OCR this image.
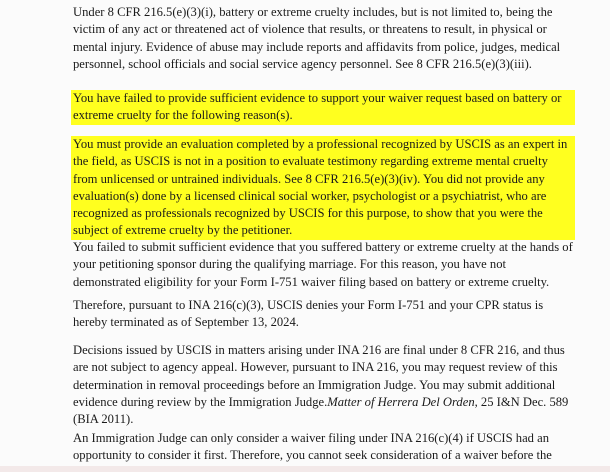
Under 8 CFR 216.5(e)(3)(i), battery or extreme cruelty includes, but is not limited to, being the victim of any act or threatened act of violence that results, or threatens to result, in physical or mental injury. Evidence of abuse may include reports and affidavits from police, judges, medical personnel, school officials and social service agency personnel. See 8 CFR 216.5(e)(3)(iii).

You have failed to provide sufficient evidence to support your waiver request based on battery or extreme cruelty for the following reason(s).

You must provide an evaluation completed by a professional recognized by USCIS as an expert in the field, as USCIS is not in a position to evaluate testimony regarding extreme mental cruelty from unlicensed or untrained individuals. See 8 CFR 216.5(e)(3)(iv). You did not provide any evaluation(s) done by a licensed clinical social worker, psychologist or a psychiatrist, who are recognized as professionals recognized by USCIS for this purpose, to show that you were the subject of extreme cruelty by the petitioner.

You failed to submit sufficient evidence that you suffered battery or extreme cruelty at the hands of your petitioning sponsor during the qualifying marriage. For this reason, you have not demonstrated eligibility for your Form I-751 waiver filing based on battery or extreme cruelty.

Therefore, pursuant to INA 216(c)(3), USCIS denies your Form I-751 and your CPR status is hereby terminated as of September 13, 2024.

Decisions issued by USCIS in matters arising under INA 216 are final under 8 CFR 216, and thus are not subject to agency appeal. However, pursuant to INA 216, you may request review of this determination in removal proceedings before an Immigration Judge. You may submit additional evidence during review by the Immigration Judge.Matter of Herrera Del Orden, 25 I&N Dec. 589 (BIA 2011).

An Immigration Judge can only consider a waiver filing under INA 216(c)(4) if USCIS had an opportunity to consider it first. Therefore, you cannot seek consideration of a waiver before the
